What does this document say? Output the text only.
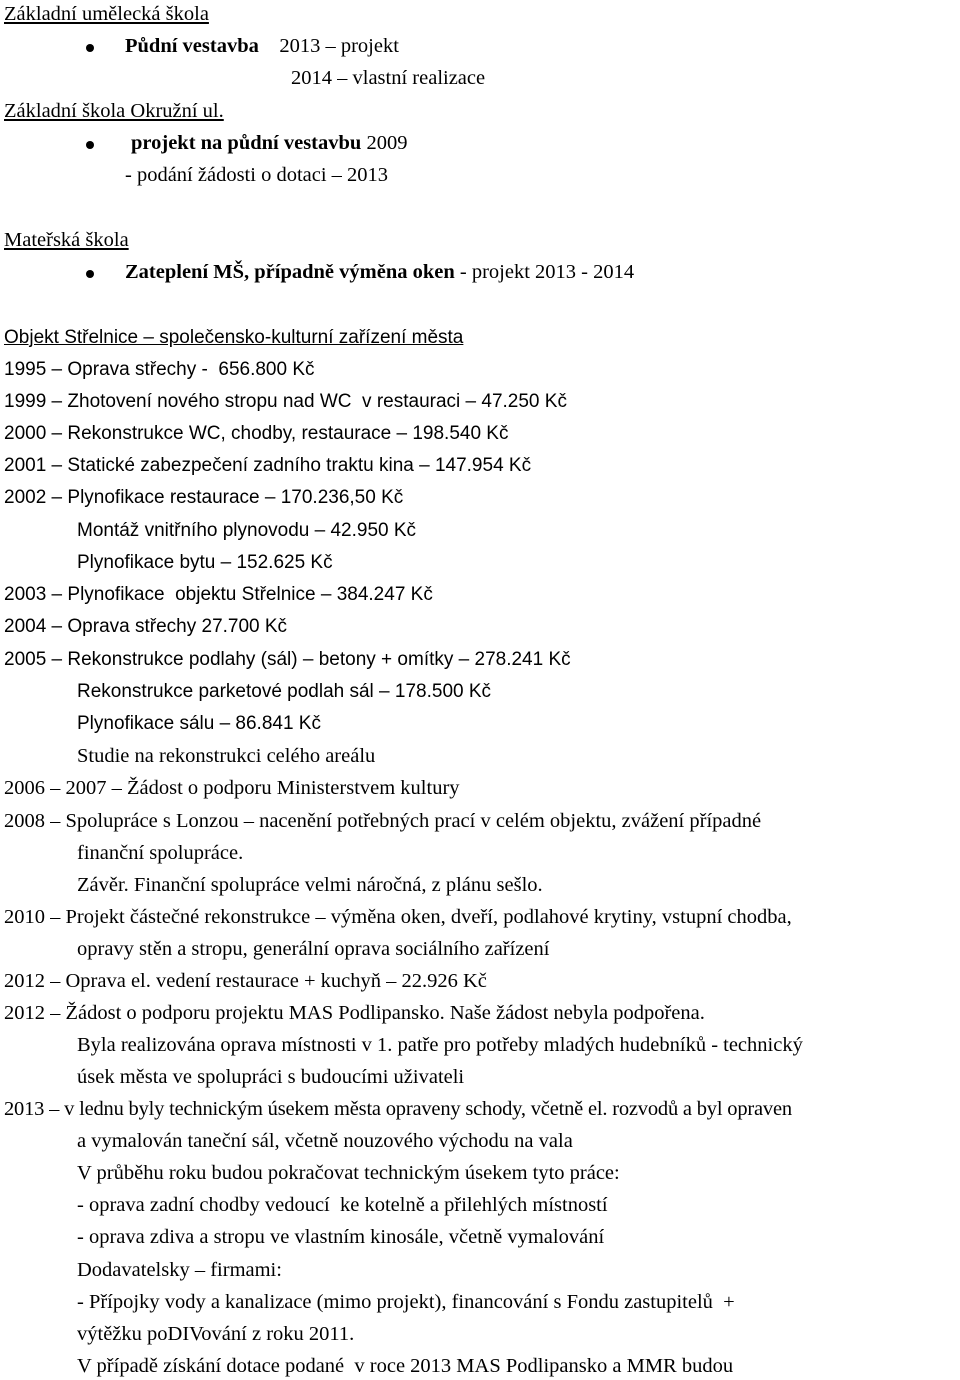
Základní umělecká škola
Půdní vestavba 2013 – projekt
2014 – vlastní realizace
Základní škola Okružní ul.
projekt na půdní vestavbu 2009
- podání žádosti o dotaci – 2013
Mateřská škola
Zateplení MŠ, případně výměna oken - projekt 2013 - 2014
Objekt Střelnice – společensko-kulturní zařízení města
1995 – Oprava střechy -  656.800 Kč
1999 – Zhotovení nového stropu nad WC  v restauraci – 47.250 Kč
2000 – Rekonstrukce WC, chodby, restaurace – 198.540 Kč
2001 – Statické zabezpečení zadního traktu kina – 147.954 Kč
2002 – Plynofikace restaurace – 170.236,50 Kč
Montáž vnitřního plynovodu – 42.950 Kč
Plynofikace bytu – 152.625 Kč
2003 – Plynofikace  objektu Střelnice – 384.247 Kč
2004 – Oprava střechy 27.700 Kč
2005 – Rekonstrukce podlahy (sál) – betony + omítky – 278.241 Kč
Rekonstrukce parketové podlah sál – 178.500 Kč
Plynofikace sálu – 86.841 Kč
Studie na rekonstrukci celého areálu
2006 – 2007 – Žádost o podporu Ministerstvem kultury
2008 – Spolupráce s Lonzou – nacenění potřebných prací v celém objektu, zvážení případné
finanční spolupráce.
Závěr. Finanční spolupráce velmi náročná, z plánu sešlo.
2010 – Projekt částečné rekonstrukce – výměna oken, dveří, podlahové krytiny, vstupní chodba,
opravy stěn a stropu, generální oprava sociálního zařízení
2012 – Oprava el. vedení restaurace + kuchyň – 22.926 Kč
2012 – Žádost o podporu projektu MAS Podlipansko. Naše žádost nebyla podpořena.
Byla realizována oprava místnosti v 1. patře pro potřeby mladých hudebníků - technický
úsek města ve spolupráci s budoucími uživateli
2013 – v lednu byly technickým úsekem města opraveny schody, včetně el. rozvodů a byl opraven
a vymalován taneční sál, včetně nouzového východu na vala
V průběhu roku budou pokračovat technickým úsekem tyto práce:
- oprava zadní chodby vedoucí  ke kotelně a přilehlých místností
- oprava zdiva a stropu ve vlastním kinosále, včetně vymalování
Dodavatelsky – firmami:
- Přípojky vody a kanalizace (mimo projekt), financování s Fondu zastupitelů  +
výtěžku poDIVování z roku 2011.
V případě získání dotace podané  v roce 2013 MAS Podlipansko a MMR budou
